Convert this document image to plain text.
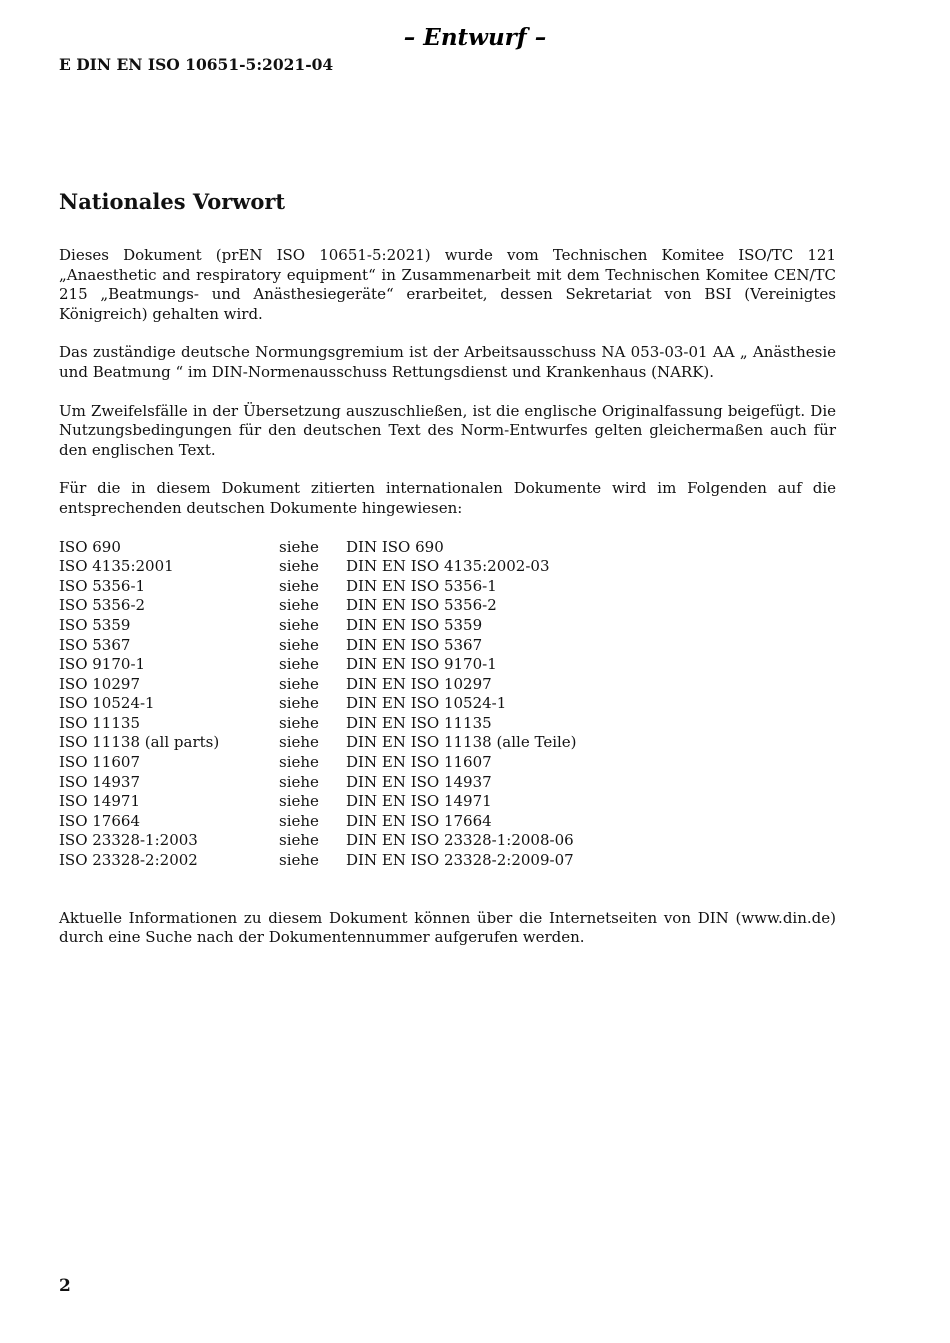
– Entwurf –
E DIN EN ISO 10651-5:2021-04
Nationales Vorwort

Dieses Dokument (prEN ISO 10651-5:2021) wurde vom Technischen Komitee ISO/TC 121 „Anaesthetic and respiratory equipment“ in Zusammenarbeit mit dem Technischen Komitee CEN/TC 215 „Beatmungs- und Anästhesiegeräte“ erarbeitet, dessen Sekretariat von BSI (Vereinigtes Königreich) gehalten wird.

Das zuständige deutsche Normungsgremium ist der Arbeitsausschuss NA 053-03-01 AA „ Anästhesie und Beatmung “ im DIN-Normenausschuss Rettungsdienst und Krankenhaus (NARK).

Um Zweifelsfälle in der Übersetzung auszuschließen, ist die englische Originalfassung beigefügt. Die Nutzungsbedingungen für den deutschen Text des Norm-Entwurfes gelten gleichermaßen auch für den englischen Text.

Für die in diesem Dokument zitierten internationalen Dokumente wird im Folgenden auf die entsprechenden deutschen Dokumente hingewiesen:

ISO 690	siehe	DIN ISO 690
ISO 4135:2001	siehe	DIN EN ISO 4135:2002-03
ISO 5356-1	siehe	DIN EN ISO 5356-1
ISO 5356-2	siehe	DIN EN ISO 5356-2
ISO 5359	siehe	DIN EN ISO 5359
ISO 5367	siehe	DIN EN ISO 5367
ISO 9170-1	siehe	DIN EN ISO 9170-1
ISO 10297	siehe	DIN EN ISO 10297
ISO 10524-1	siehe	DIN EN ISO 10524-1
ISO 11135	siehe	DIN EN ISO 11135
ISO 11138 (all parts)	siehe	DIN EN ISO 11138 (alle Teile)
ISO 11607	siehe	DIN EN ISO 11607
ISO 14937	siehe	DIN EN ISO 14937
ISO 14971	siehe	DIN EN ISO 14971
ISO 17664	siehe	DIN EN ISO 17664
ISO 23328-1:2003	siehe	DIN EN ISO 23328-1:2008-06
ISO 23328-2:2002	siehe	DIN EN ISO 23328-2:2009-07

Aktuelle Informationen zu diesem Dokument können über die Internetseiten von DIN (www.din.de) durch eine Suche nach der Dokumentennummer aufgerufen werden.

2
